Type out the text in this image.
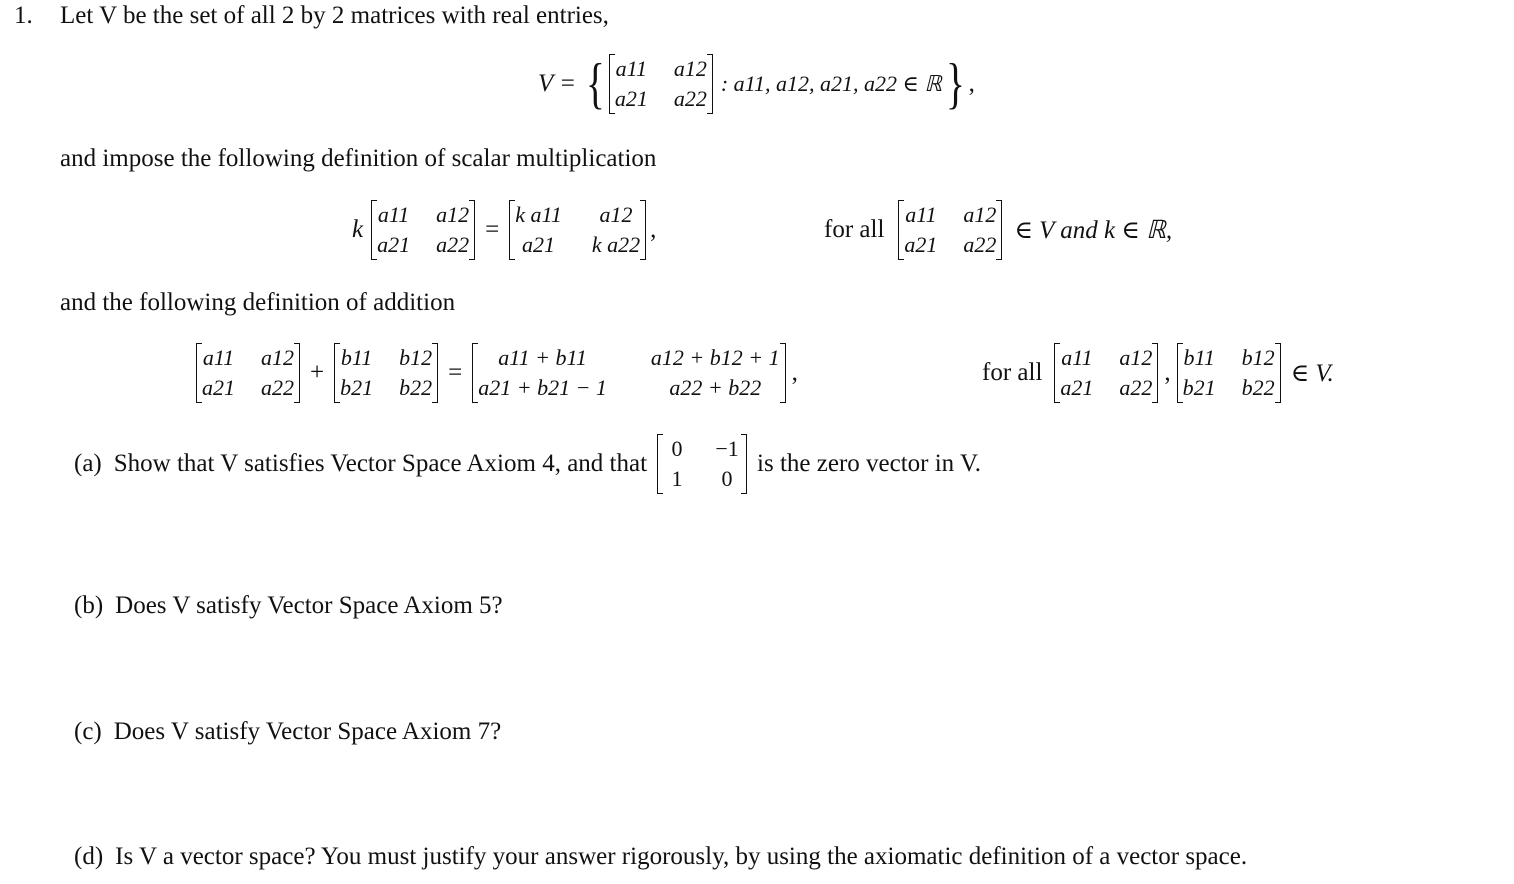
1. Let V be the set of all 2 by 2 matrices with real entries,
V = { a11 a12
a21 a22
: a11, a12, a21, a22 ∈ ℝ } ,
and impose the following definition of scalar multiplication
k
a11 a12
a21 a22
=
k a11	a12
a21	k a22
,	for all
a11 a12
a21 a22
∈ V and k ∈ ℝ,
and the following definition of addition
a11 a12
a21 a22
+
b11 b12
b21 b22
=
a11 + b11	a12 + b12 + 1
a21 + b21 − 1	a22 + b22
,	for all
a11 a12
a21 a22
,
b11 b12
b21 b22
∈ V.
(a) Show that V satisfies Vector Space Axiom 4, and that
0	−1
1	0
is the zero vector in V.
(b) Does V satisfy Vector Space Axiom 5?
(c) Does V satisfy Vector Space Axiom 7?
(d) Is V a vector space? You must justify your answer rigorously, by using the axiomatic definition of a vector space.
